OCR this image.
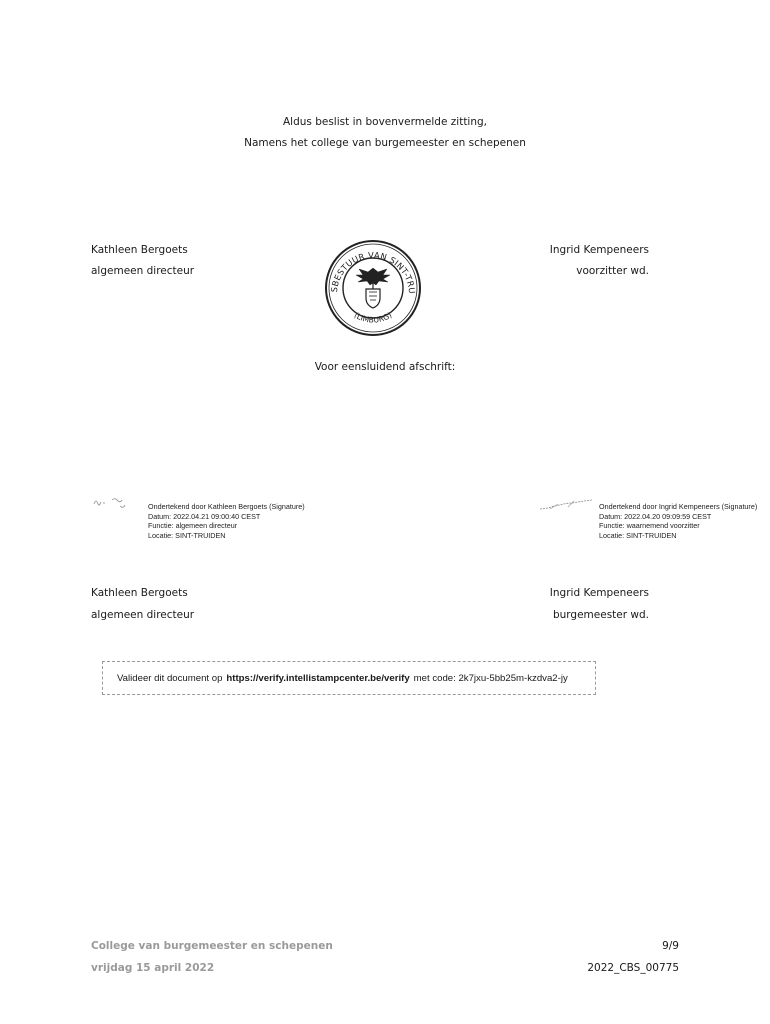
Aldus beslist in bovenvermelde zitting,
Namens het college van burgemeester en schepenen
Kathleen Bergoets
algemeen directeur
Ingrid Kempeneers
voorzitter wd.
SBESTUUR VAN SINT-TRU
(LIMBURG)
Voor eensluidend afschrift:
Ondertekend door Kathleen Bergoets (Signature)
Datum: 2022.04.21 09:00:40 CEST
Functie: algemeen directeur
Locatie: SINT-TRUIDEN
Ondertekend door Ingrid Kempeneers (Signature)
Datum: 2022.04.20 09:09:59 CEST
Functie: waarnemend voorzitter
Locatie: SINT-TRUIDEN
Kathleen Bergoets
algemeen directeur
Ingrid Kempeneers
burgemeester wd.
Valideer dit document op https://verify.intellistampcenter.be/verify met code: 2k7jxu-5bb25m-kzdva2-jy
College van burgemeester en schepenen
vrijdag 15 april 2022
9/9
2022_CBS_00775
